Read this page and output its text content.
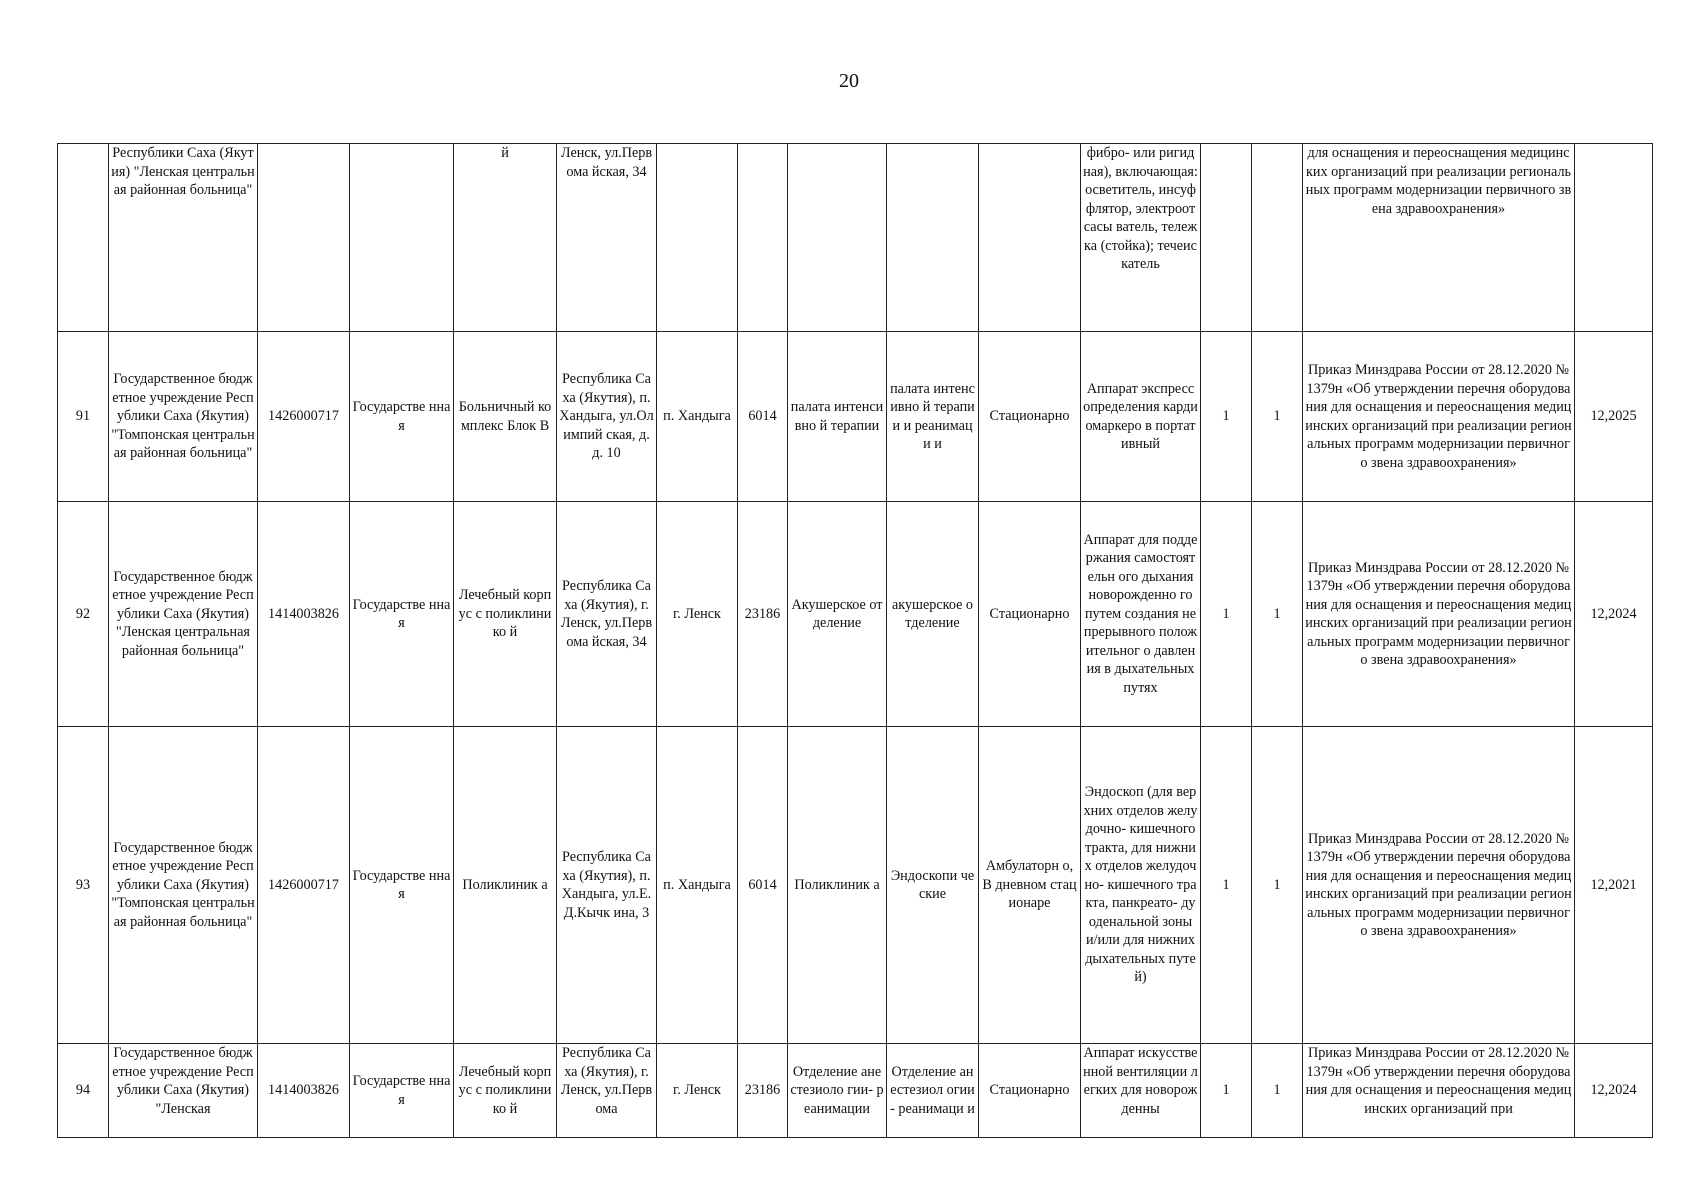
20
	Республики Саха (Якутия) "Ленская центральная районная больница"			й	Ленск, ул.Первома йская, 34						фибро- или ригидная), включающая: осветитель, инсуффлятор, электроотсасы ватель, тележка (стойка); течеискатель			для оснащения и переоснащения медицинских организаций при реализации региональных программ модернизации первичного звена здравоохранения»	
91	Государственное бюджетное учреждение Республики Саха (Якутия) "Томпонская центральная районная больница"	1426000717	Государстве нная	Больничный комплекс Блок В	Республика Саха (Якутия), п. Хандыга, ул.Олимпий ская, д.д. 10	п. Хандыга	6014	палата интенсивно й терапии	палата интенсивно й терапии и реанимаци и	Стационарно	Аппарат экспресс определения кардиомаркеро в портативный	1	1	Приказ Минздрава России от 28.12.2020 № 1379н «Об утверждении перечня оборудования для оснащения и переоснащения медицинских организаций при реализации региональных программ модернизации первичного звена здравоохранения»	12,2025
92	Государственное бюджетное учреждение Республики Саха (Якутия) "Ленская центральная районная больница"	1414003826	Государстве нная	Лечебный корпус с поликлинико й	Республика Саха (Якутия), г. Ленск, ул.Первома йская, 34	г. Ленск	23186	Акушерское отделение	акушерское отделение	Стационарно	Аппарат для поддержания самостоятельн ого дыхания новорожденно го путем создания непрерывного положительног о давления в дыхательных путях	1	1	Приказ Минздрава России от 28.12.2020 № 1379н «Об утверждении перечня оборудования для оснащения и переоснащения медицинских организаций при реализации региональных программ модернизации первичного звена здравоохранения»	12,2024
93	Государственное бюджетное учреждение Республики Саха (Якутия) "Томпонская центральная районная больница"	1426000717	Государстве нная	Поликлиник а	Республика Саха (Якутия), п. Хандыга, ул.Е.Д.Кычк ина, 3	п. Хандыга	6014	Поликлиник а	Эндоскопи ческие	Амбулаторн о, В дневном стационаре	Эндоскоп (для верхних отделов желудочно- кишечного тракта, для нижних отделов желудочно- кишечного тракта, панкреато- дуоденальной зоны и/или для нижних дыхательных путей)	1	1	Приказ Минздрава России от 28.12.2020 № 1379н «Об утверждении перечня оборудования для оснащения и переоснащения медицинских организаций при реализации региональных программ модернизации первичного звена здравоохранения»	12,2021
94	Государственное бюджетное учреждение Республики Саха (Якутия) "Ленская	1414003826	Государстве нная	Лечебный корпус с поликлинико й	Республика Саха (Якутия), г. Ленск, ул.Первома	г. Ленск	23186	Отделение анестезиоло гии- реанимации	Отделение анестезиол огии- реанимаци и	Стационарно	Аппарат искусственной вентиляции легких для новорожденны	1	1	Приказ Минздрава России от 28.12.2020 № 1379н «Об утверждении перечня оборудования для оснащения и переоснащения медицинских организаций при	12,2024
